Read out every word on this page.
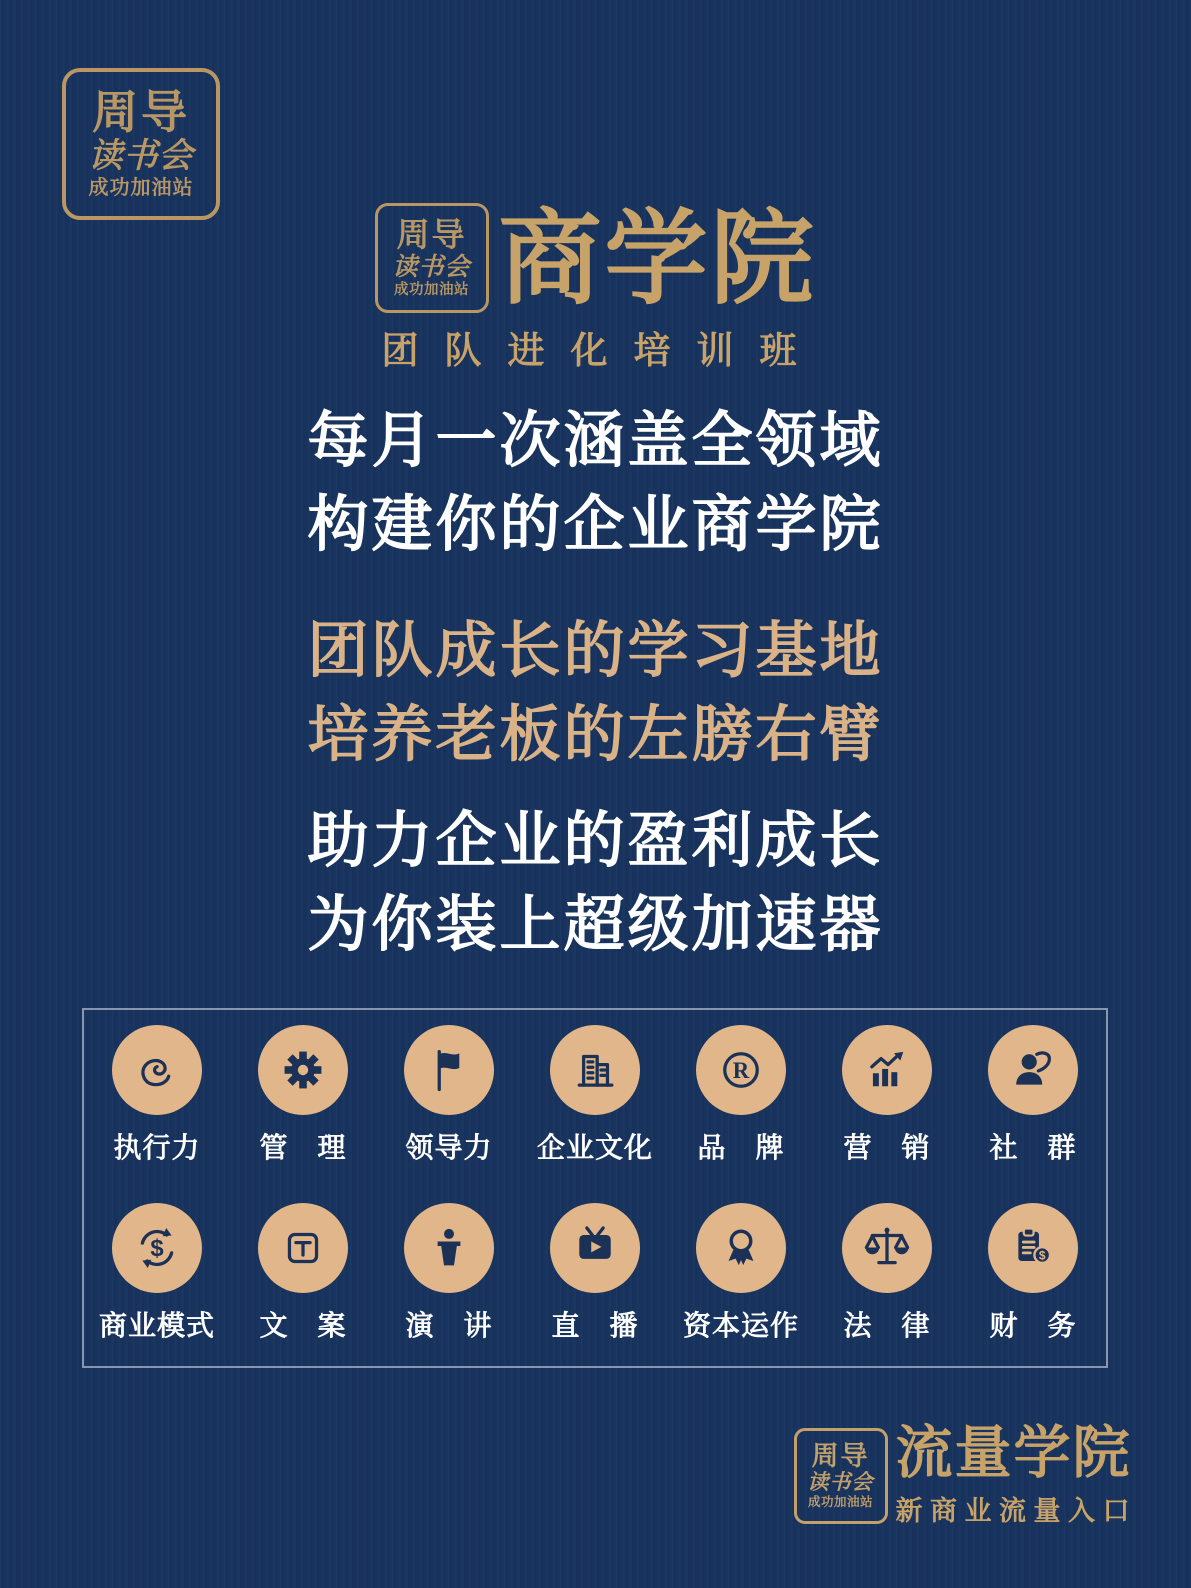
周导
读书会
成功加油站
周导
读书会
成功加油站 商学院
团队进化培训班
每月一次涵盖全领域
构建你的企业商学院
团队成长的学习基地
培养老板的左膀右臂
助力企业的盈利成长
为你装上超级加速器
执行力 管　理 领导力 企业文化
R
品　牌 营　销 社　群
$
商业模式 文　案 演　讲 直　播 资本运作 法　律
$
财　务
周导
读书会
成功加油站
流量学院
新商业流量入口
